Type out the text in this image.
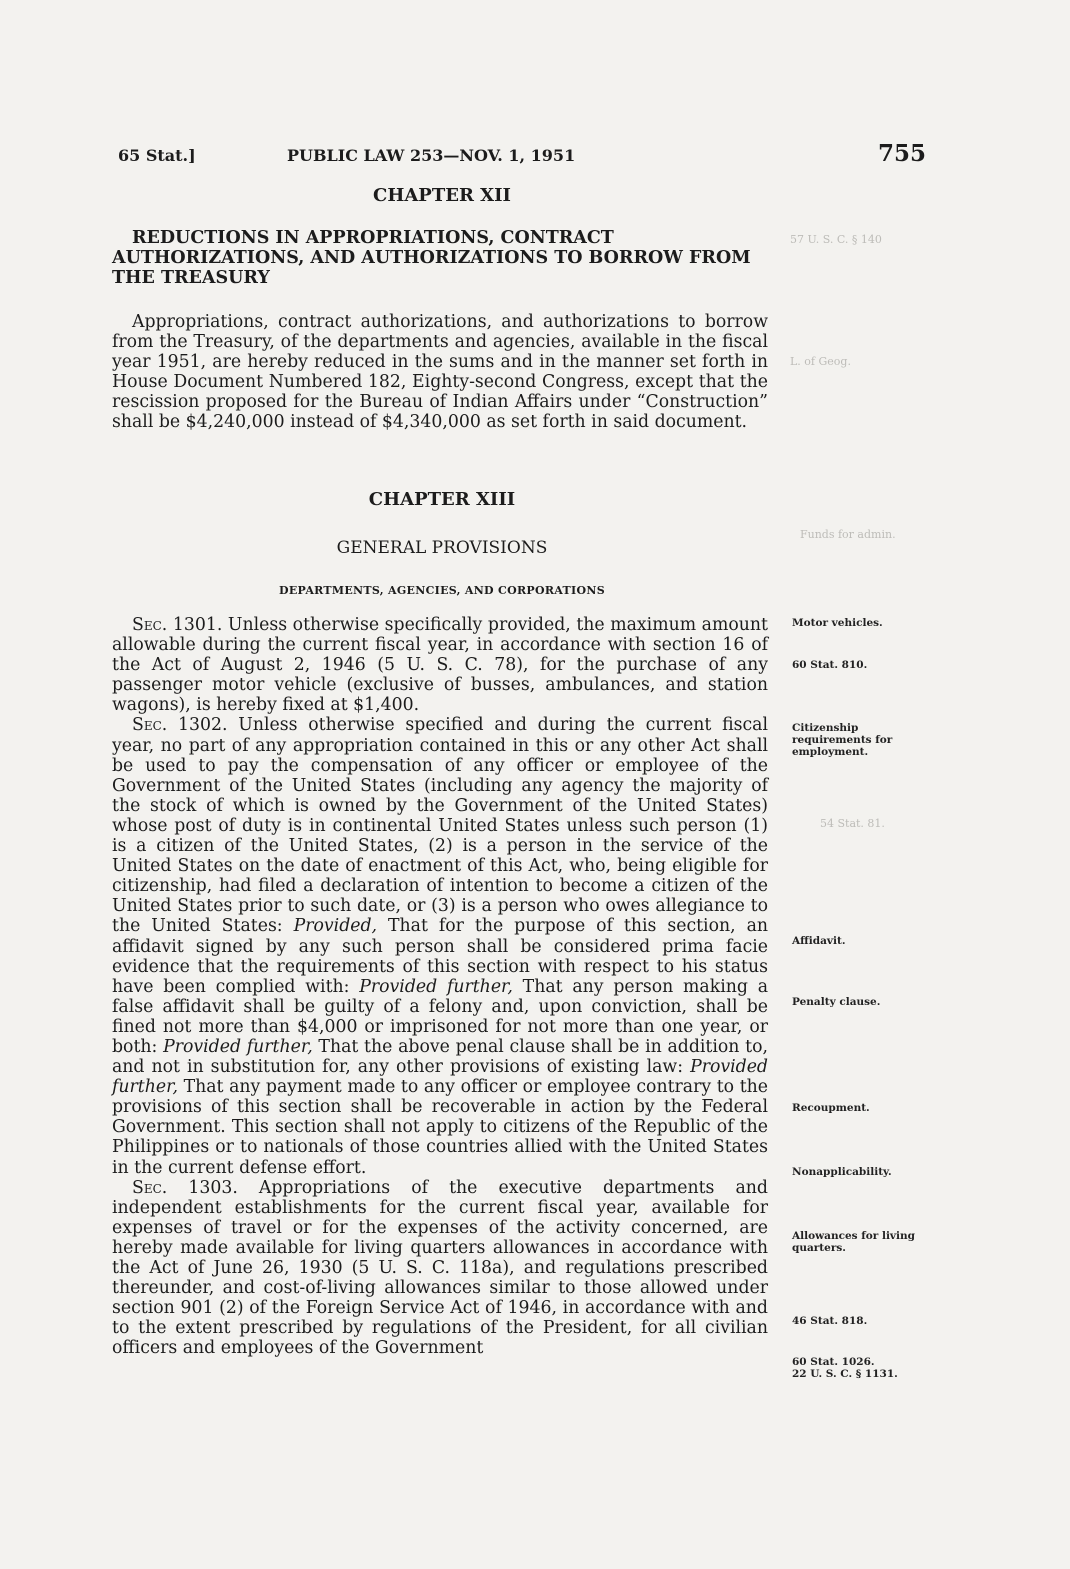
57 U. S. C. § 140
L. of Geog.
Funds for admin.
54 Stat. 81.
65 Stat.]	PUBLIC LAW 253—NOV. 1, 1951	755
CHAPTER XII

REDUCTIONS IN APPROPRIATIONS, CONTRACT AUTHORIZATIONS, AND AUTHORIZATIONS TO BORROW FROM THE TREASURY

Appropriations, contract authorizations, and authorizations to borrow from the Treasury, of the departments and agencies, available in the fiscal year 1951, are hereby reduced in the sums and in the manner set forth in House Document Numbered 182, Eighty-second Congress, except that the rescission proposed for the Bureau of Indian Affairs under “Construction” shall be $4,240,000 instead of $4,340,000 as set forth in said document.

CHAPTER XIII
GENERAL PROVISIONS
DEPARTMENTS, AGENCIES, AND CORPORATIONS

Sec. 1301. Unless otherwise specifically provided, the maximum amount allowable during the current fiscal year, in accordance with section 16 of the Act of August 2, 1946 (5 U. S. C. 78), for the purchase of any passenger motor vehicle (exclusive of busses, ambulances, and station wagons), is hereby fixed at $1,400.

Sec. 1302. Unless otherwise specified and during the current fiscal year, no part of any appropriation contained in this or any other Act shall be used to pay the compensation of any officer or employee of the Government of the United States (including any agency the majority of the stock of which is owned by the Government of the United States) whose post of duty is in continental United States unless such person (1) is a citizen of the United States, (2) is a person in the service of the United States on the date of enactment of this Act, who, being eligible for citizenship, had filed a declaration of intention to become a citizen of the United States prior to such date, or (3) is a person who owes allegiance to the United States: Provided, That for the purpose of this section, an affidavit signed by any such person shall be considered prima facie evidence that the requirements of this section with respect to his status have been complied with: Provided further, That any person making a false affidavit shall be guilty of a felony and, upon conviction, shall be fined not more than $4,000 or imprisoned for not more than one year, or both: Provided further, That the above penal clause shall be in addition to, and not in substitution for, any other provisions of existing law: Provided further, That any payment made to any officer or employee contrary to the provisions of this section shall be recoverable in action by the Federal Government. This section shall not apply to citizens of the Republic of the Philippines or to nationals of those countries allied with the United States in the current defense effort.

Sec. 1303. Appropriations of the executive departments and independent establishments for the current fiscal year, available for expenses of travel or for the expenses of the activity concerned, are hereby made available for living quarters allowances in accordance with the Act of June 26, 1930 (5 U. S. C. 118a), and regulations prescribed thereunder, and cost-of-living allowances similar to those allowed under section 901 (2) of the Foreign Service Act of 1946, in accordance with and to the extent prescribed by regulations of the President, for all civilian officers and employees of the Government

Motor vehicles.
60 Stat. 810.
Citizenship requirements for employment.
Affidavit.
Penalty clause.
Recoupment.
Nonapplicability.
Allowances for living quarters.
46 Stat. 818.
60 Stat. 1026.
22 U. S. C. § 1131.
